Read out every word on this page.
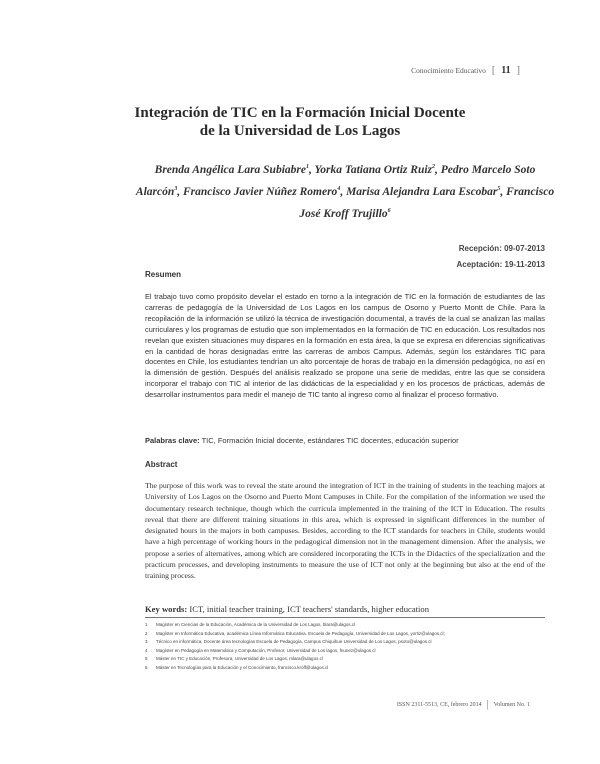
Conocimiento Educativo [ 11 ]
Integración de TIC en la Formación Inicial Docente
de la Universidad de Los Lagos
Brenda Angélica Lara Subiabre$^1$, Yorka Tatiana Ortiz Ruiz$^2$, Pedro Marcelo Soto Alarcón$^3$, Francisco Javier Núñez Romero$^4$, Marisa Alejandra Lara Escobar$^5$, Francisco José Kroff Trujillo$^6$
Recepción: 09-07-2013
Aceptación: 19-11-2013
Resumen
El trabajo tuvo como propósito develar el estado en torno a la integración de TIC en la formación de estudiantes de las carreras de pedagogía de la Universidad de Los Lagos en los campus de Osorno y Puerto Montt de Chile. Para la recopilación de la información se utilizó la técnica de investigación documental, a través de la cual se analizan las mallas curriculares y los programas de estudio que son implementados en la formación de TIC en educación. Los resultados nos revelan que existen situaciones muy dispares en la formación en esta área, la que se expresa en diferencias significativas en la cantidad de horas designadas entre las carreras de ambos Campus. Además, según los estándares TIC para docentes en Chile, los estudiantes tendrían un alto porcentaje de horas de trabajo en la dimensión pedagógica, no así en la dimensión de gestión. Después del análisis realizado se propone una serie de medidas, entre las que se considera incorporar el trabajo con TIC al interior de las didácticas de la especialidad y en los procesos de prácticas, además de desarrollar instrumentos para medir el manejo de TIC tanto al ingreso como al finalizar el proceso formativo.
Palabras clave: TIC, Formación Inicial docente, estándares TIC docentes, educación superior
Abstract
The purpose of this work was to reveal the state around the integration of ICT in the training of students in the teaching majors at University of Los Lagos on the Osorno and Puerto Mont Campuses in Chile. For the compilation of the information we used the documentary research technique, though which the curricula implemented in the training of the ICT in Education. The results reveal that there are different training situations in this area, which is expressed in significant differences in the number of designated hours in the majors in both campuses. Besides, according to the ICT standards for teachers in Chile, students would have a high percentage of working hours in the pedagogical dimension not in the management dimension. After the analysis, we propose a series of alternatives, among which are considered incorporating the ICTs in the Didactics of the specialization and the practicum processes, and developing instruments to measure the use of ICT not only at the beginning but also at the end of the training process.
Key words: ICT, initial teacher training, ICT teachers' standards, higher education
1	Magíster en Ciencias de la Educación, Académica de la Universidad de Los Lagos, blara@ulagos.cl
2	Magíster en Informática Educativa, académica Línea Informática Educativa. Escuela de Pedagogía, Universidad de Los Lagos, yortiz@ulagos.cl;
3	Técnico en informática, Docente área tecnologías Escuela de Pedagogía, Campus Chiquihue Universidad de Los Lagos, psoto@ulagos.cl
4	Magíster en Pedagogía en Matemática y Computación, Profesor, Universidad de Los lagos, fnunez@ulagos.cl
5	Máster en TIC y Educación, Profesora, Universidad de Los Lagos, mlara@ulagos.cl
6	Máster en Tecnologías para la Educación y el Conocimiento, francisco.kroff@ulagos.cl
ISSN 2311-5513, CE, febrero 2014 | Volumen No. 1
